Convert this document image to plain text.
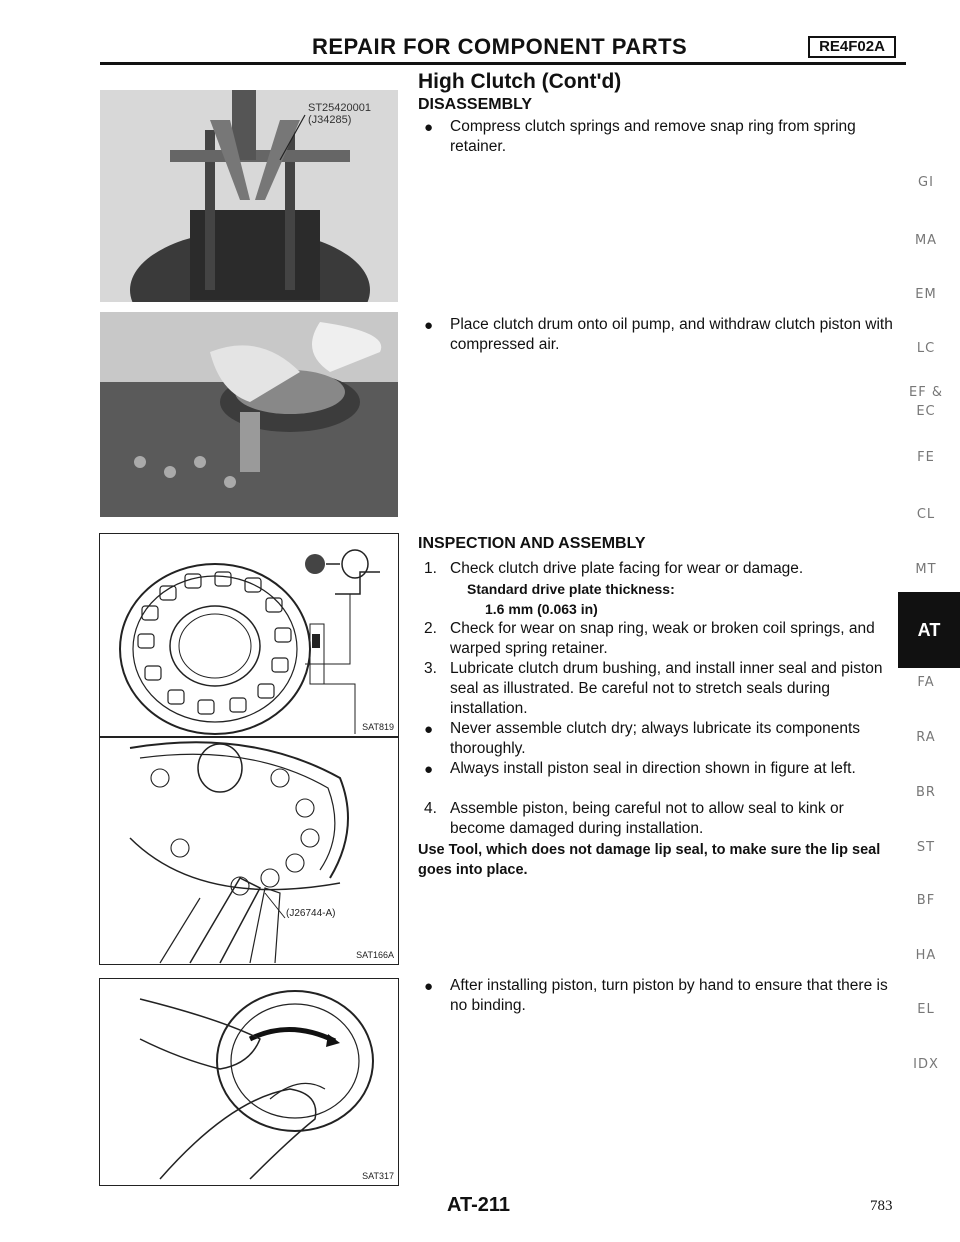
REPAIR FOR COMPONENT PARTS	RE4F02A
High Clutch (Cont'd)
ST25420001
(J34285)
SAT819
(J26744-A)
SAT166A
SAT317
DISASSEMBLY
● Compress clutch springs and remove snap ring from spring retainer.
● Place clutch drum onto oil pump, and withdraw clutch piston with compressed air.
INSPECTION AND ASSEMBLY
1. Check clutch drive plate facing for wear or damage.
Standard drive plate thickness:
1.6 mm (0.063 in)
2. Check for wear on snap ring, weak or broken coil springs, and warped spring retainer.
3. Lubricate clutch drum bushing, and install inner seal and piston seal as illustrated. Be careful not to stretch seals during installation.
● Never assemble clutch dry; always lubricate its components thoroughly.
● Always install piston seal in direction shown in figure at left.
4. Assemble piston, being careful not to allow seal to kink or become damaged during installation.
Use Tool, which does not damage lip seal, to make sure the lip seal goes into place.
● After installing piston, turn piston by hand to ensure that there is no binding.
GI
MA
EM
LC
EF &
EC
FE
CL
MT
AT
FA
RA
BR
ST
BF
HA
EL
IDX
AT-211	783
